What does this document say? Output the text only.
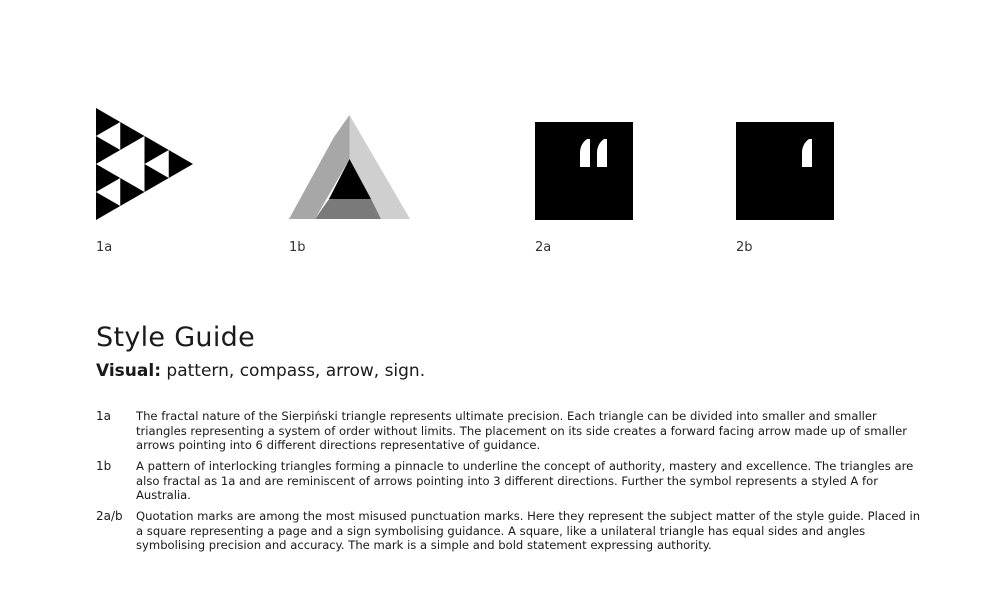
1a	1b	2a	2b
Style Guide
Visual: pattern, compass, arrow, sign.
1a The fractal nature of the Sierpiński triangle represents ultimate precision. Each triangle can be divided into smaller and smaller triangles representing a system of order without limits. The placement on its side creates a forward facing arrow made up of smaller arrows pointing into 6 different directions representative of guidance.
1b A pattern of interlocking triangles forming a pinnacle to underline the concept of authority, mastery and excellence. The triangles are also fractal as 1a and are reminiscent of arrows pointing into 3 different directions. Further the symbol represents a styled A for Australia.
2a/b Quotation marks are among the most misused punctuation marks. Here they represent the subject matter of the style guide. Placed in a square representing a page and a sign symbolising guidance. A square, like a unilateral triangle has equal sides and angles symbolising precision and accuracy. The mark is a simple and bold statement expressing authority.
